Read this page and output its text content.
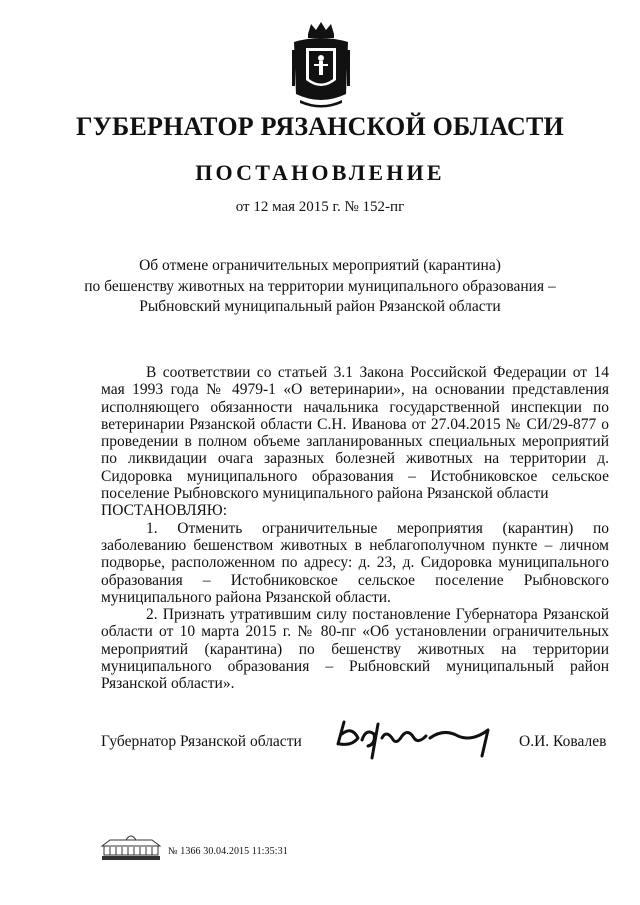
ГУБЕРНАТОР РЯЗАНСКОЙ ОБЛАСТИ
ПОСТАНОВЛЕНИЕ
от 12 мая 2015 г. № 152-пг
Об отмене ограничительных мероприятий (карантина)
по бешенству животных на территории муниципального образования –
Рыбновский муниципальный район Рязанской области

В соответствии со статьей 3.1 Закона Российской Федерации от 14 мая 1993 года № 4979-1 «О ветеринарии», на основании представления исполняющего обязанности начальника государственной инспекции по ветеринарии Рязанской области С.Н. Иванова от 27.04.2015 № СИ/29-877 о проведении в полном объеме запланированных специальных мероприятий по ликвидации очага заразных болезней животных на территории д. Сидоровка муниципального образования – Истобниковское сельское поселение Рыбновского муниципального района Рязанской области

ПОСТАНОВЛЯЮ:

1. Отменить ограничительные мероприятия (карантин) по заболеванию бешенством животных в неблагополучном пункте – личном подворье, расположенном по адресу: д. 23, д. Сидоровка муниципального образования – Истобниковское сельское поселение Рыбновского муниципального района Рязанской области.

2. Признать утратившим силу постановление Губернатора Рязанской области от 10 марта 2015 г. № 80-пг «Об установлении ограничительных мероприятий (карантина) по бешенству животных на территории муниципального образования – Рыбновский муниципальный район Рязанской области».

Губернатор Рязанской области	О.И. Ковалев
№ 1366 30.04.2015 11:35:31
